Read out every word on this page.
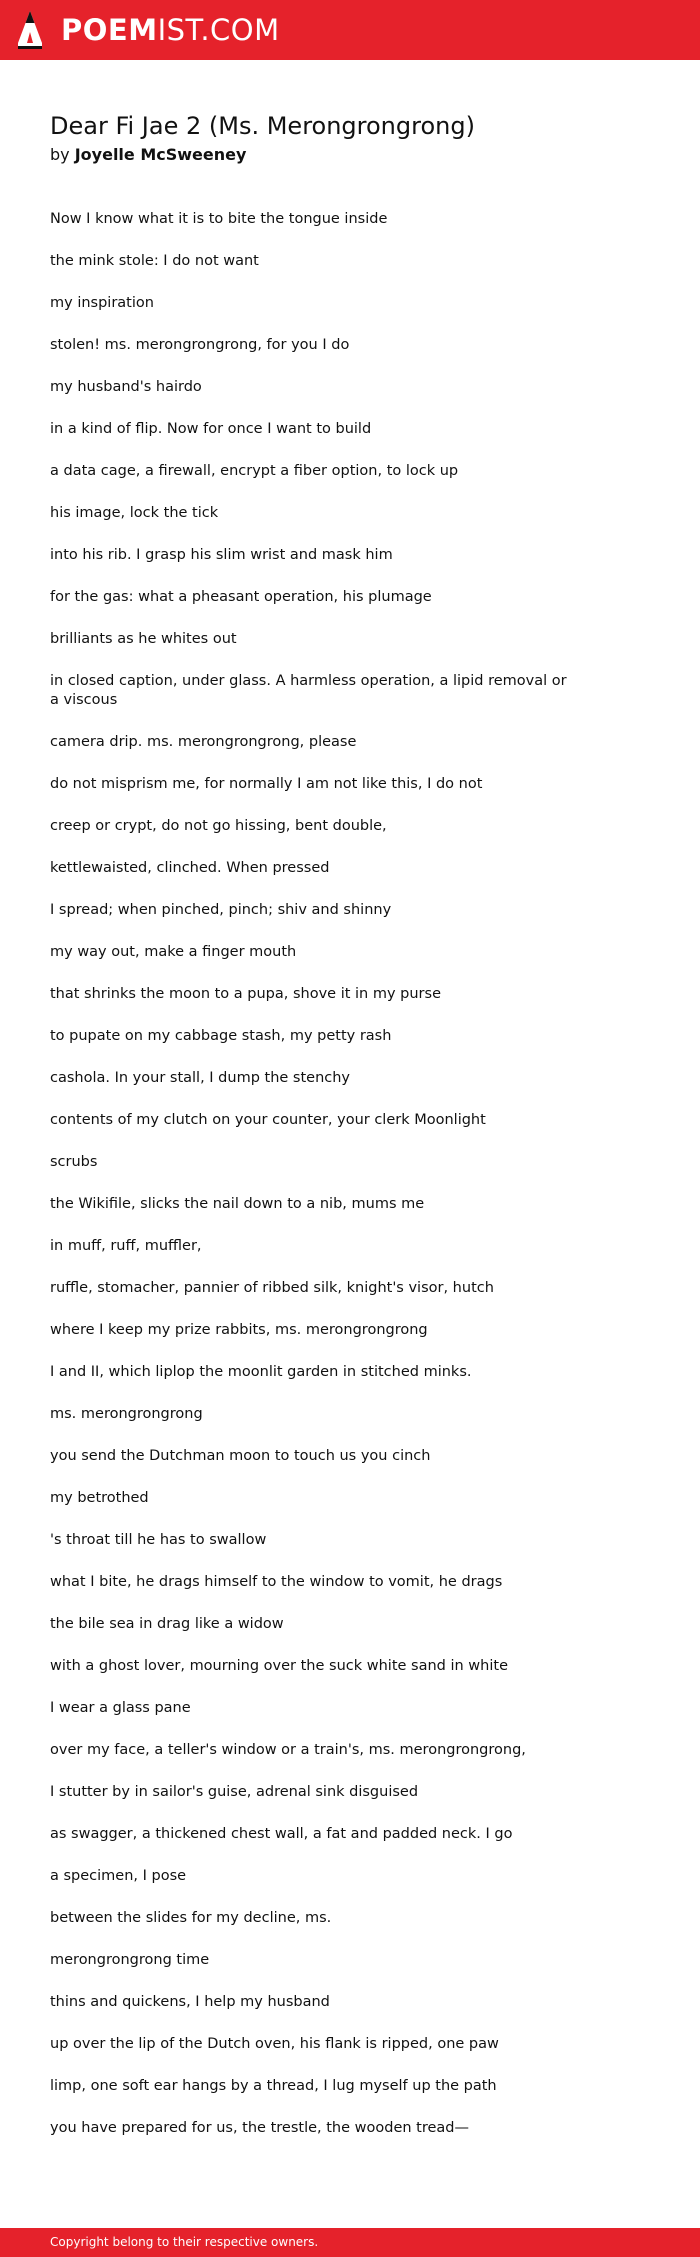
POEMIST.COM
Dear Fi Jae 2 (Ms. Merongrongrong)
by Joyelle McSweeney

Now I know what it is to bite the tongue inside

the mink stole: I do not want

my inspiration

stolen! ms. merongrongrong, for you I do

my husband's hairdo

in a kind of flip. Now for once I want to build

a data cage, a firewall, encrypt a fiber option, to lock up

his image, lock the tick

into his rib. I grasp his slim wrist and mask him

for the gas: what a pheasant operation, his plumage

brilliants as he whites out

in closed caption, under glass. A harmless operation, a lipid removal or a viscous

camera drip. ms. merongrongrong, please

do not misprism me, for normally I am not like this, I do not

creep or crypt, do not go hissing, bent double,

kettlewaisted, clinched. When pressed

I spread; when pinched, pinch; shiv and shinny

my way out, make a finger mouth

that shrinks the moon to a pupa, shove it in my purse

to pupate on my cabbage stash, my petty rash

cashola. In your stall, I dump the stenchy

contents of my clutch on your counter, your clerk Moonlight

scrubs

the Wikifile, slicks the nail down to a nib, mums me

in muff, ruff, muffler,

ruffle, stomacher, pannier of ribbed silk, knight's visor, hutch

where I keep my prize rabbits, ms. merongrongrong

I and II, which liplop the moonlit garden in stitched minks.

ms. merongrongrong

you send the Dutchman moon to touch us you cinch

my betrothed

's throat till he has to swallow

what I bite, he drags himself to the window to vomit, he drags

the bile sea in drag like a widow

with a ghost lover, mourning over the suck white sand in white

I wear a glass pane

over my face, a teller's window or a train's, ms. merongrongrong,

I stutter by in sailor's guise, adrenal sink disguised

as swagger, a thickened chest wall, a fat and padded neck. I go

a specimen, I pose

between the slides for my decline, ms.

merongrongrong time

thins and quickens, I help my husband

up over the lip of the Dutch oven, his flank is ripped, one paw

limp, one soft ear hangs by a thread, I lug myself up the path

you have prepared for us, the trestle, the wooden tread—

Copyright belong to their respective owners.
